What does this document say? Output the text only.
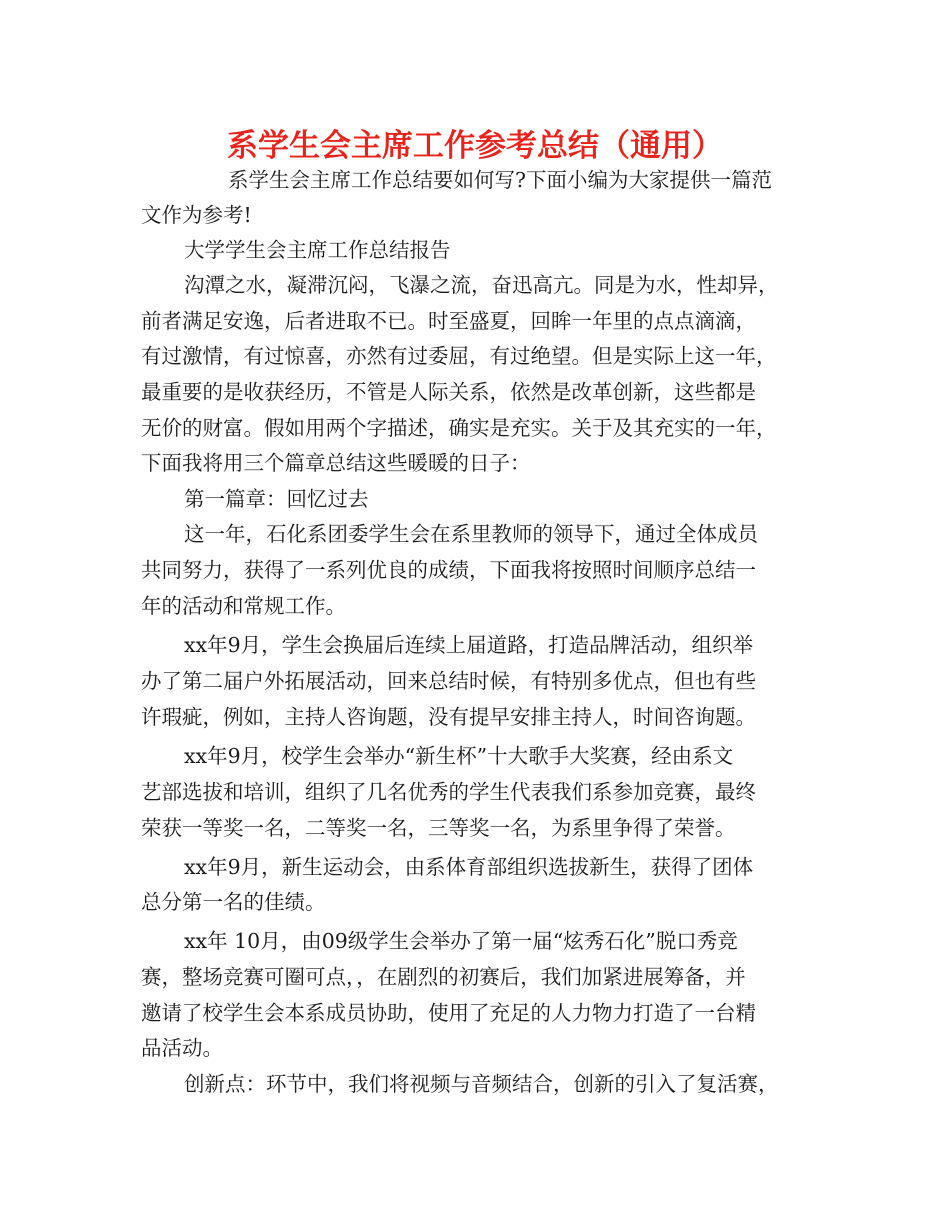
系学生会主席工作参考总结（通用）
系学生会主席工作总结要如何写?下面小编为大家提供一篇范
文作为参考!
大学学生会主席工作总结报告
沟潭之水，凝滞沉闷，飞瀑之流，奋迅高亢。同是为水，性却异，
前者满足安逸，后者进取不已。时至盛夏，回眸一年里的点点滴滴，
有过激情，有过惊喜，亦然有过委屈，有过绝望。但是实际上这一年，
最重要的是收获经历，不管是人际关系，依然是改革创新，这些都是
无价的财富。假如用两个字描述，确实是充实。关于及其充实的一年，
下面我将用三个篇章总结这些暖暖的日子：
第一篇章：回忆过去
这一年，石化系团委学生会在系里教师的领导下，通过全体成员
共同努力，获得了一系列优良的成绩，下面我将按照时间顺序总结一
年的活动和常规工作。
xx年9月，学生会换届后连续上届道路，打造品牌活动，组织举
办了第二届户外拓展活动，回来总结时候，有特别多优点，但也有些
许瑕疵，例如，主持人咨询题，没有提早安排主持人，时间咨询题。
xx年9月，校学生会举办“新生杯”十大歌手大奖赛，经由系文
艺部选拔和培训，组织了几名优秀的学生代表我们系参加竞赛，最终
荣获一等奖一名，二等奖一名，三等奖一名，为系里争得了荣誉。
xx年9月，新生运动会，由系体育部组织选拔新生，获得了团体
总分第一名的佳绩。
xx年 10月，由09级学生会举办了第一届“炫秀石化”脱口秀竞
赛，整场竞赛可圈可点，，在剧烈的初赛后，我们加紧进展筹备，并
邀请了校学生会本系成员协助，使用了充足的人力物力打造了一台精
品活动。
创新点：环节中，我们将视频与音频结合，创新的引入了复活赛，
